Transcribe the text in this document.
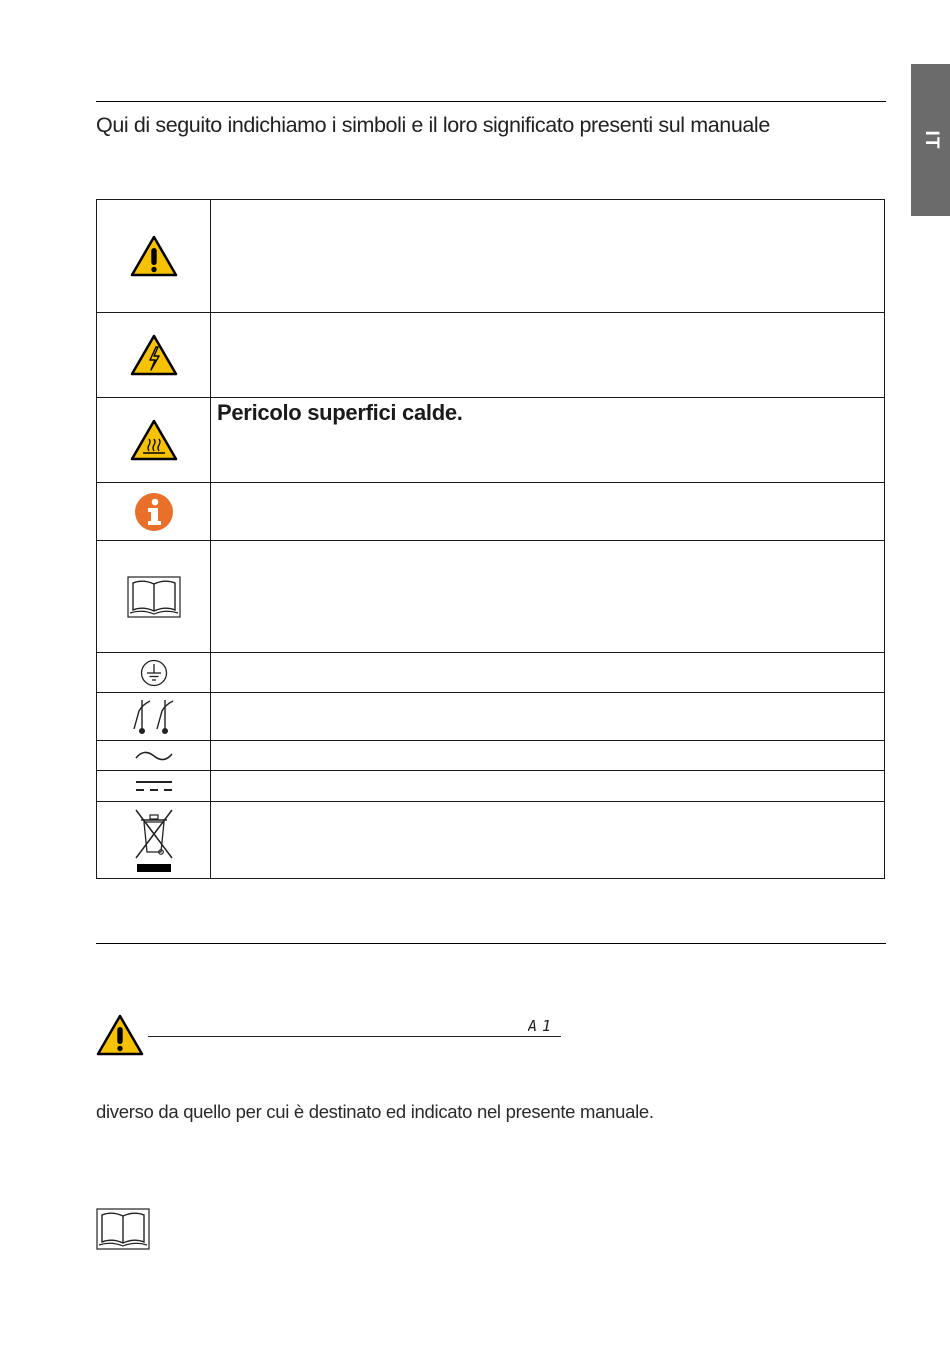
IT
Qui di seguito indichiamo i simboli e il loro significato presenti sul manuale

	Pericolo superfici calde.

A1
diverso da quello per cui è destinato ed indicato nel presente manuale.
